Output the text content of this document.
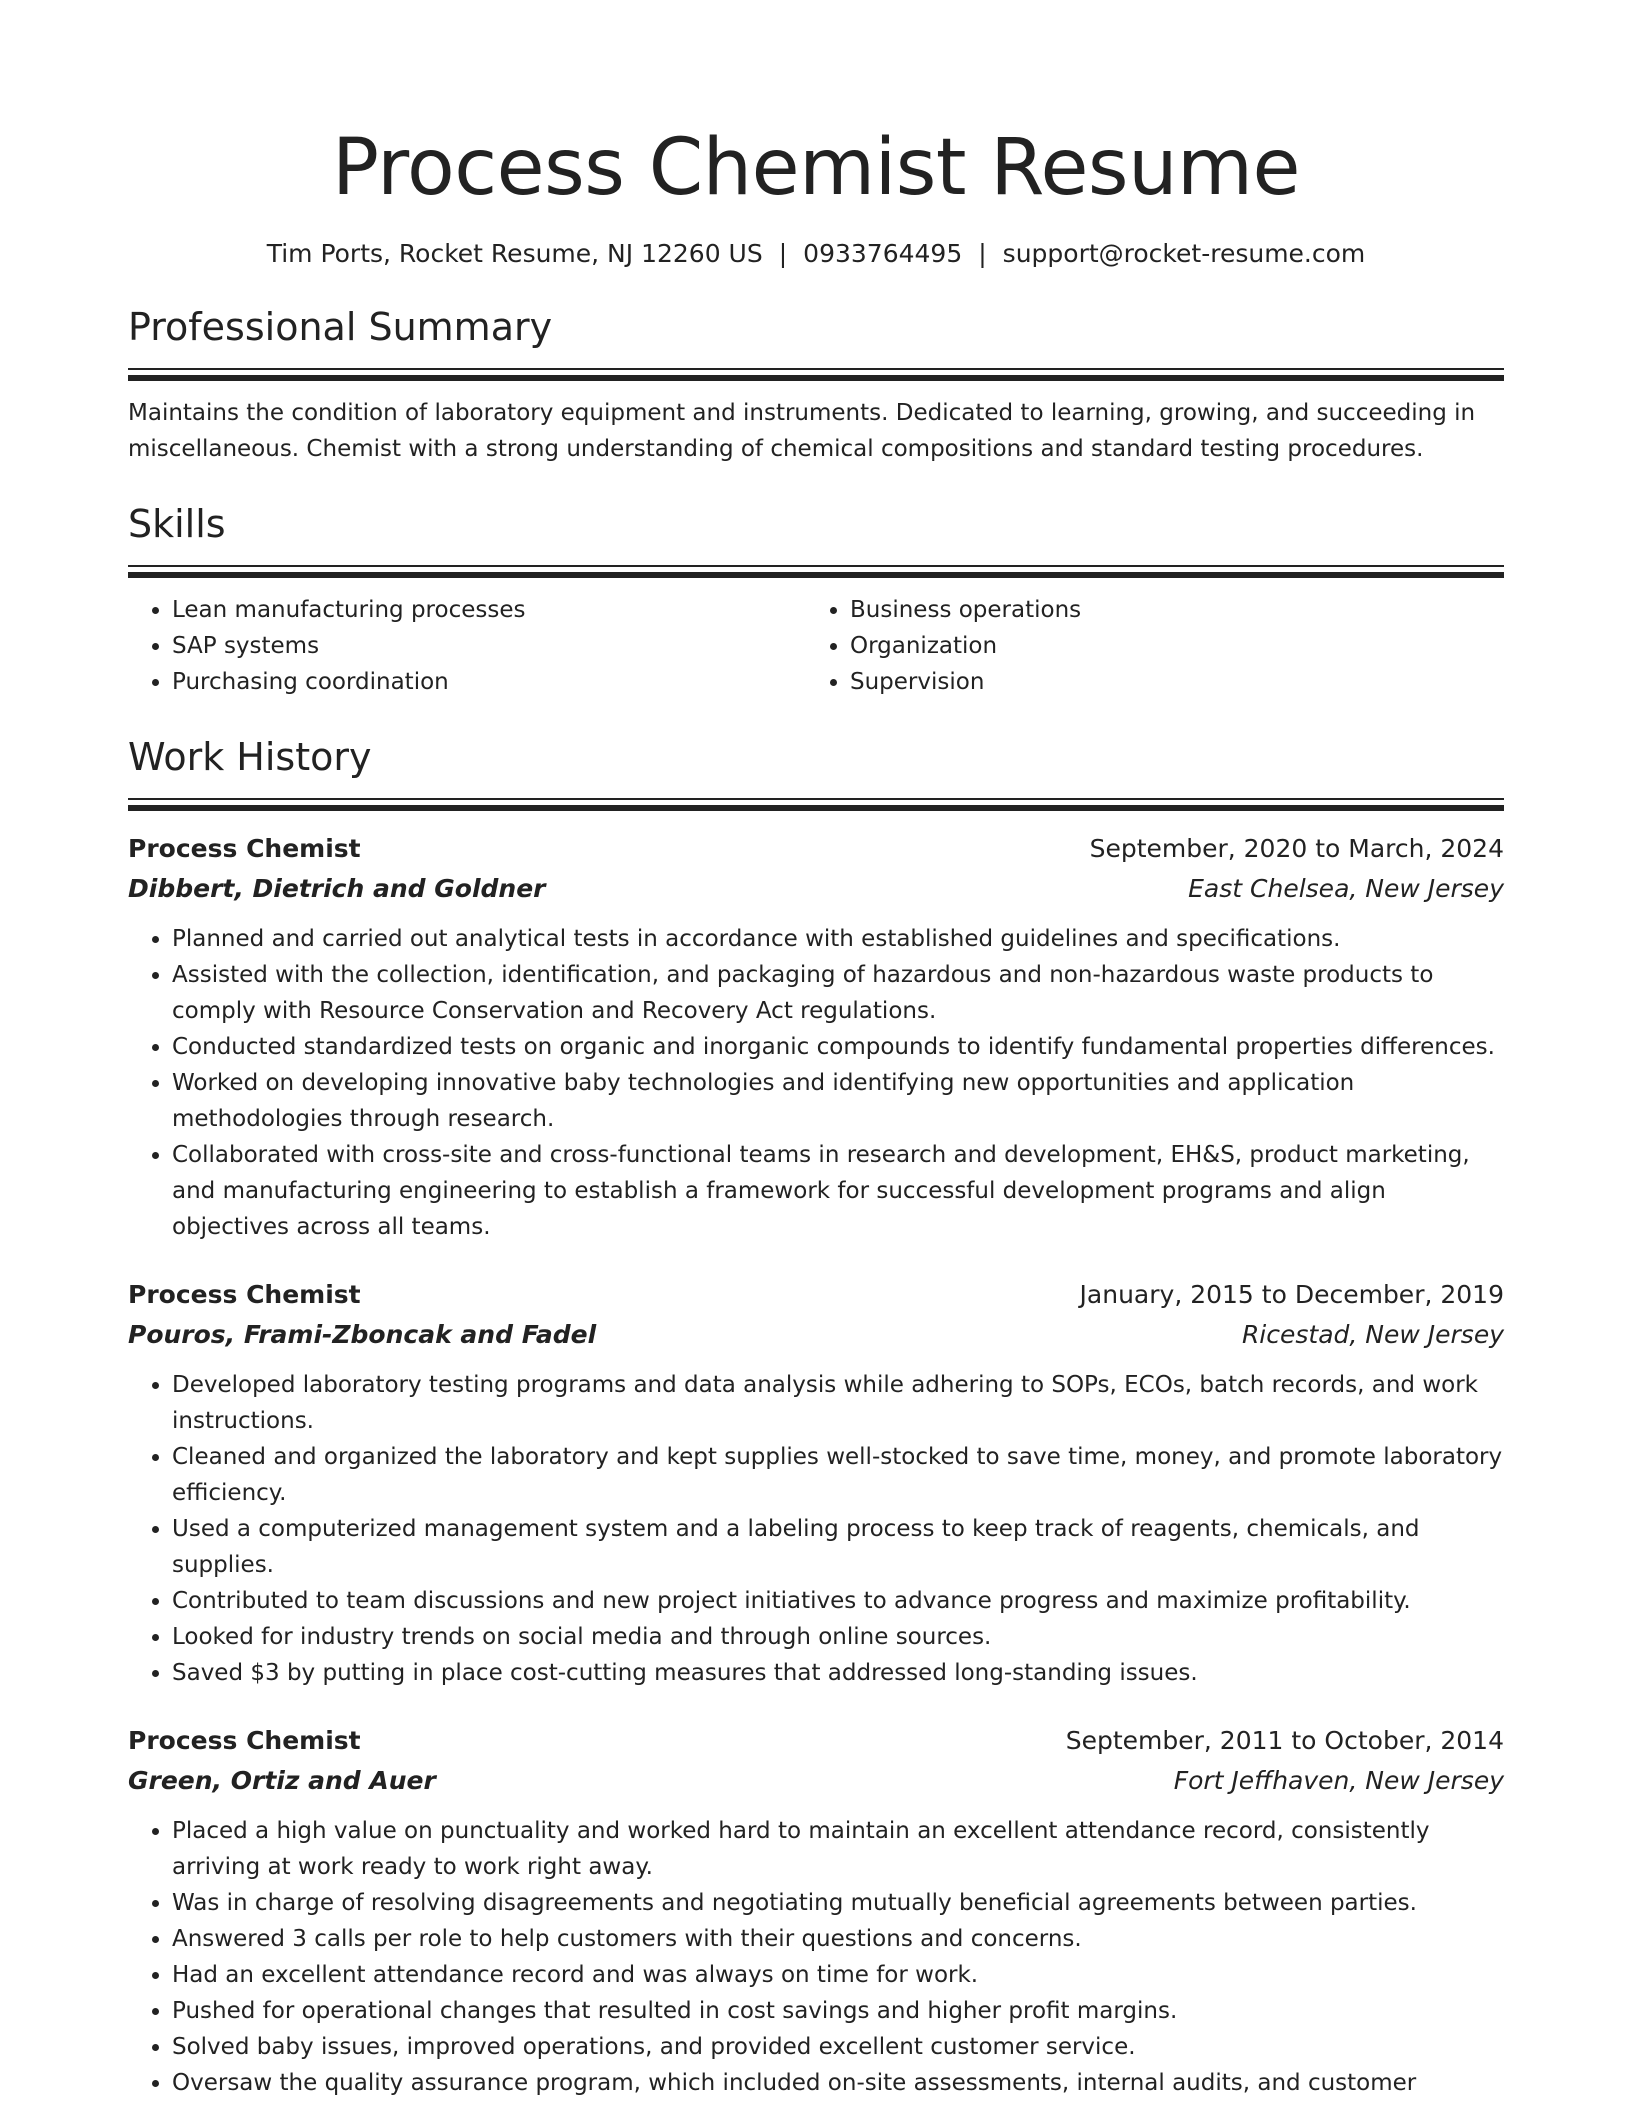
Process Chemist Resume
Tim Ports, Rocket Resume, NJ 12260 US | 0933764495 | support@rocket-resume.com
Professional Summary
Maintains the condition of laboratory equipment and instruments. Dedicated to learning, growing, and succeeding in miscellaneous. Chemist with a strong understanding of chemical compositions and standard testing procedures.
Skills
• Lean manufacturing processes
• SAP systems
• Purchasing coordination
• Business operations
• Organization
• Supervision
Work History
Process Chemist	September, 2020 to March, 2024
Dibbert, Dietrich and Goldner	East Chelsea, New Jersey
• Planned and carried out analytical tests in accordance with established guidelines and specifications.
• Assisted with the collection, identification, and packaging of hazardous and non-hazardous waste products to comply with Resource Conservation and Recovery Act regulations.
• Conducted standardized tests on organic and inorganic compounds to identify fundamental properties differences.
• Worked on developing innovative baby technologies and identifying new opportunities and application methodologies through research.
• Collaborated with cross-site and cross-functional teams in research and development, EH&S, product marketing, and manufacturing engineering to establish a framework for successful development programs and align objectives across all teams.
Process Chemist	January, 2015 to December, 2019
Pouros, Frami-Zboncak and Fadel	Ricestad, New Jersey
• Developed laboratory testing programs and data analysis while adhering to SOPs, ECOs, batch records, and work instructions.
• Cleaned and organized the laboratory and kept supplies well-stocked to save time, money, and promote laboratory efficiency.
• Used a computerized management system and a labeling process to keep track of reagents, chemicals, and supplies.
• Contributed to team discussions and new project initiatives to advance progress and maximize profitability.
• Looked for industry trends on social media and through online sources.
• Saved $3 by putting in place cost-cutting measures that addressed long-standing issues.
Process Chemist	September, 2011 to October, 2014
Green, Ortiz and Auer	Fort Jeffhaven, New Jersey
• Placed a high value on punctuality and worked hard to maintain an excellent attendance record, consistently arriving at work ready to work right away.
• Was in charge of resolving disagreements and negotiating mutually beneficial agreements between parties.
• Answered 3 calls per role to help customers with their questions and concerns.
• Had an excellent attendance record and was always on time for work.
• Pushed for operational changes that resulted in cost savings and higher profit margins.
• Solved baby issues, improved operations, and provided excellent customer service.
• Oversaw the quality assurance program, which included on-site assessments, internal audits, and customer
